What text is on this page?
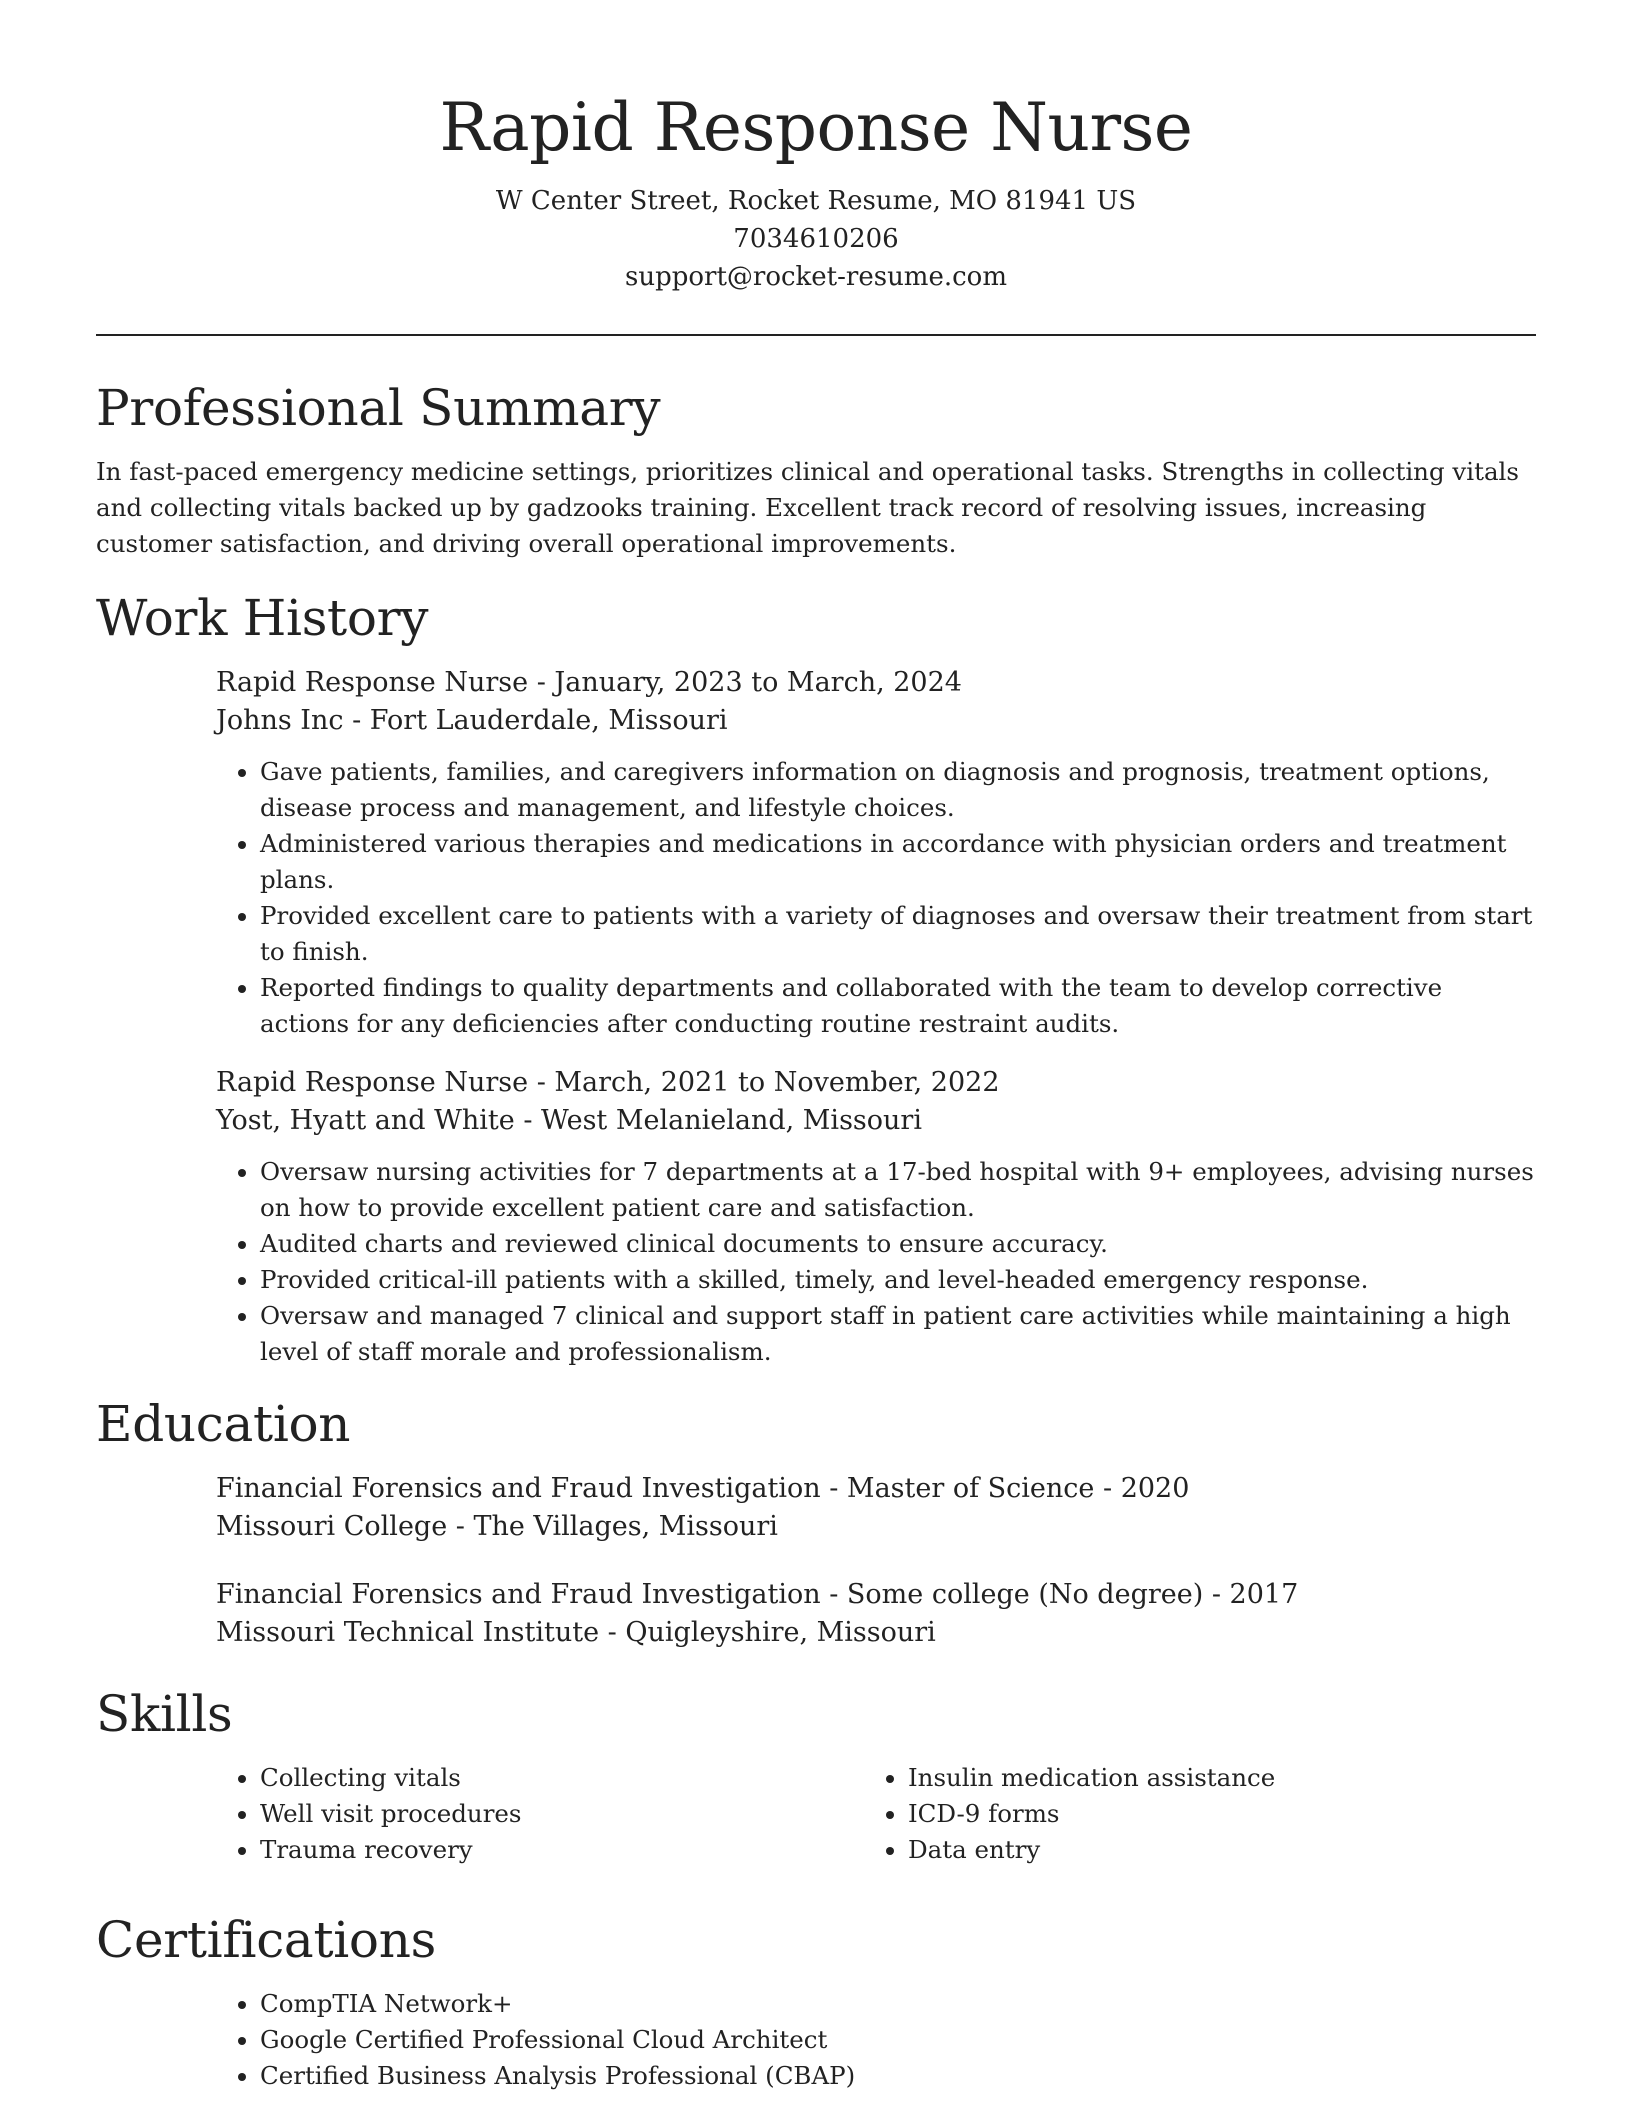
Rapid Response Nurse
W Center Street, Rocket Resume, MO 81941 US
7034610206
support@rocket-resume.com
Professional Summary

In fast-paced emergency medicine settings, prioritizes clinical and operational tasks. Strengths in collecting vitals and collecting vitals backed up by gadzooks training. Excellent track record of resolving issues, increasing customer satisfaction, and driving overall operational improvements.

Work History
Rapid Response Nurse - January, 2023 to March, 2024
Johns Inc - Fort Lauderdale, Missouri
• Gave patients, families, and caregivers information on diagnosis and prognosis, treatment options, disease process and management, and lifestyle choices.
• Administered various therapies and medications in accordance with physician orders and treatment plans.
• Provided excellent care to patients with a variety of diagnoses and oversaw their treatment from start to finish.
• Reported findings to quality departments and collaborated with the team to develop corrective actions for any deficiencies after conducting routine restraint audits.
Rapid Response Nurse - March, 2021 to November, 2022
Yost, Hyatt and White - West Melanieland, Missouri
• Oversaw nursing activities for 7 departments at a 17-bed hospital with 9+ employees, advising nurses on how to provide excellent patient care and satisfaction.
• Audited charts and reviewed clinical documents to ensure accuracy.
• Provided critical-ill patients with a skilled, timely, and level-headed emergency response.
• Oversaw and managed 7 clinical and support staff in patient care activities while maintaining a high level of staff morale and professionalism.
Education
Financial Forensics and Fraud Investigation - Master of Science - 2020
Missouri College - The Villages, Missouri
Financial Forensics and Fraud Investigation - Some college (No degree) - 2017
Missouri Technical Institute - Quigleyshire, Missouri
Skills
• Collecting vitals
• Well visit procedures
• Trauma recovery
• Insulin medication assistance
• ICD-9 forms
• Data entry
Certifications
• CompTIA Network+
• Google Certified Professional Cloud Architect
• Certified Business Analysis Professional (CBAP)
